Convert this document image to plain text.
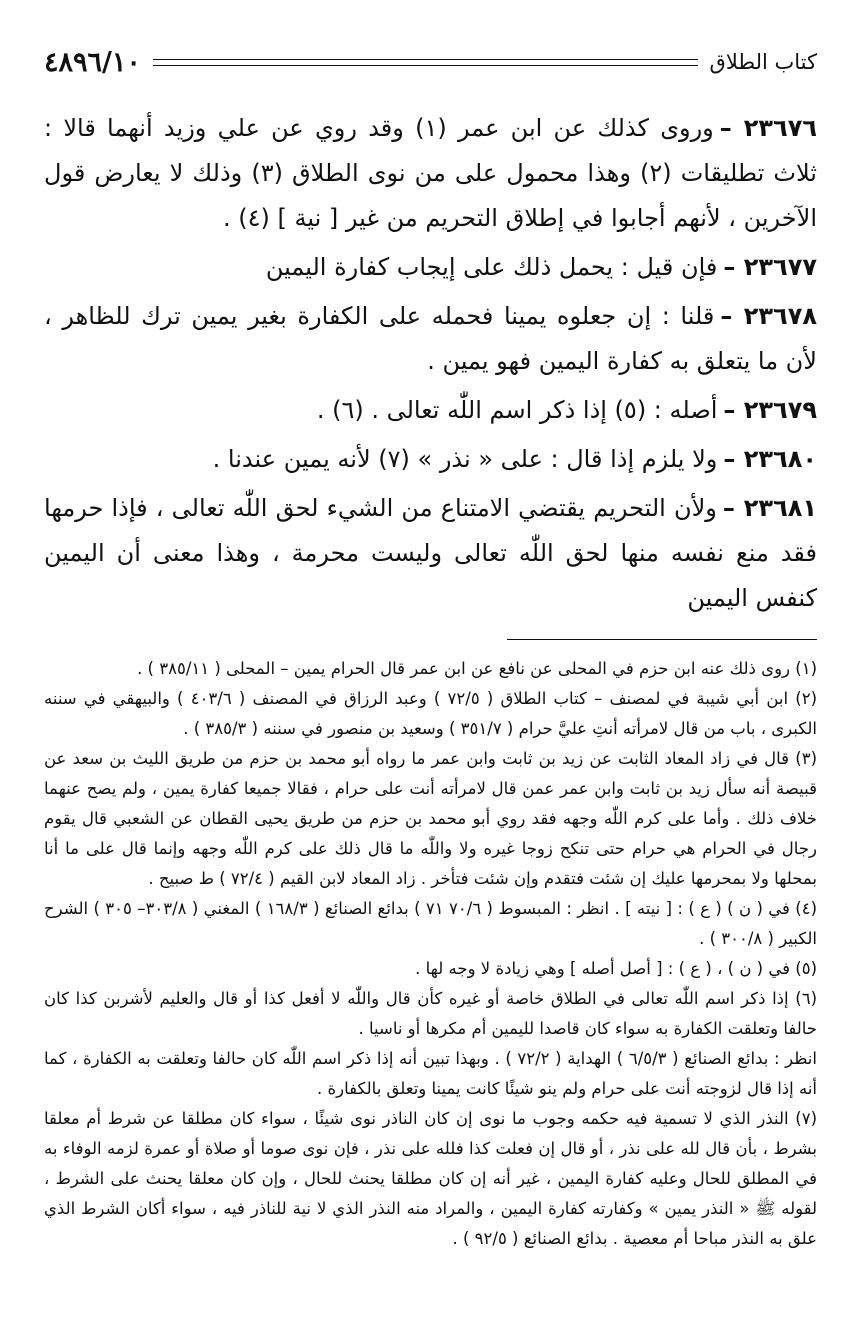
كتاب الطلاق
٤٨٩٦/١٠

٢٣٦٧٦ –وروى كذلك عن ابن عمر (١) وقد روي عن علي وزيد أنهما قالا : ثلاث تطليقات (٢) وهذا محمول على من نوى الطلاق (٣) وذلك لا يعارض قول الآخرين ، لأنهم أجابوا في إطلاق التحريم من غير [ نية ] (٤) .

٢٣٦٧٧ –فإن قيل : يحمل ذلك على إيجاب كفارة اليمين

٢٣٦٧٨ –قلنا : إن جعلوه يمينا فحمله على الكفارة بغير يمين ترك للظاهر ، لأن ما يتعلق به كفارة اليمين فهو يمين .

٢٣٦٧٩ –أصله : (٥) إذا ذكر اسم اللّٰه تعالى . (٦) .

٢٣٦٨٠ –ولا يلزم إذا قال : على « نذر » (٧) لأنه يمين عندنا .

٢٣٦٨١ –ولأن التحريم يقتضي الامتناع من الشيء لحق اللّٰه تعالى ، فإذا حرمها فقد منع نفسه منها لحق اللّٰه تعالى وليست محرمة ، وهذا معنى أن اليمين كنفس اليمين

(١) روى ذلك عنه ابن حزم في المحلى عن نافع عن ابن عمر قال الحرام يمين – المحلى ( ٣٨٥/١١ ) .

(٢) ابن أبي شيبة في لمصنف – كتاب الطلاق ( ٧٢/٥ ) وعبد الرزاق في المصنف ( ٤٠٣/٦ ) والبيهقي في سننه الكبرى ، باب من قال لامرأته أنتِ عليَّ حرام ( ٣٥١/٧ ) وسعيد بن منصور في سننه ( ٣٨٥/٣ ) .

(٣) قال في زاد المعاد الثابت عن زيد بن ثابت وابن عمر ما رواه أبو محمد بن حزم من طريق الليث بن سعد عن قبيصة أنه سأل زيد بن ثابت وابن عمر عمن قال لامرأته أنت على حرام ، فقالا جميعا كفارة يمين ، ولم يصح عنهما خلاف ذلك . وأما على كرم اللّٰه وجهه فقد روي أبو محمد بن حزم من طريق يحيى القطان عن الشعبي قال يقوم رجال في الحرام هي حرام حتى تنكح زوجا غيره ولا واللّٰه ما قال ذلك على كرم اللّٰه وجهه وإنما قال على ما أنا بمحلها ولا بمحرمها عليك إن شئت فتقدم وإن شئت فتأخر . زاد المعاد لابن القيم ( ٧٢/٤ ) ط صبيح .

(٤) في ( ن ) ( ع ) : [ نيته ] . انظر : المبسوط ( ٧٠/٦ ٧١ ) بدائع الصنائع ( ١٦٨/٣ ) المغني ( ٣٠٣/٨– ٣٠٥ ) الشرح الكبير ( ٣٠٠/٨ ) .

(٥) في ( ن ) ، ( ع ) : [ أصل أصله ] وهي زيادة لا وجه لها .

(٦) إذا ذكر اسم اللّٰه تعالى في الطلاق خاصة أو غيره كأن قال واللّٰه لا أفعل كذا أو قال والعليم لأشربن كذا كان حالفا وتعلقت الكفارة به سواء كان قاصدا لليمين أم مكرها أو ناسيا .

انظر : بدائع الصنائع ( ٦/٥/٣ ) الهداية ( ٧٢/٢ ) . وبهذا تبين أنه إذا ذكر اسم اللّٰه كان حالفا وتعلقت به الكفارة ، كما أنه إذا قال لزوجته أنت على حرام ولم ينو شيئًا كانت يمينا وتعلق بالكفارة .

(٧) النذر الذي لا تسمية فيه حكمه وجوب ما نوى إن كان الناذر نوى شيئًا ، سواء كان مطلقا عن شرط أم معلقا بشرط ، بأن قال لله على نذر ، أو قال إن فعلت كذا فلله على نذر ، فإن نوى صوما أو صلاة أو عمرة لزمه الوفاء به في المطلق للحال وعليه كفارة اليمين ، غير أنه إن كان مطلقا يحنث للحال ، وإن كان معلقا يحنث على الشرط ، لقوله ﷺ « النذر يمين » وكفارته كفارة اليمين ، والمراد منه النذر الذي لا نية للناذر فيه ، سواء أكان الشرط الذي علق به النذر مباحا أم معصية . بدائع الصنائع ( ٩٢/٥ ) .
